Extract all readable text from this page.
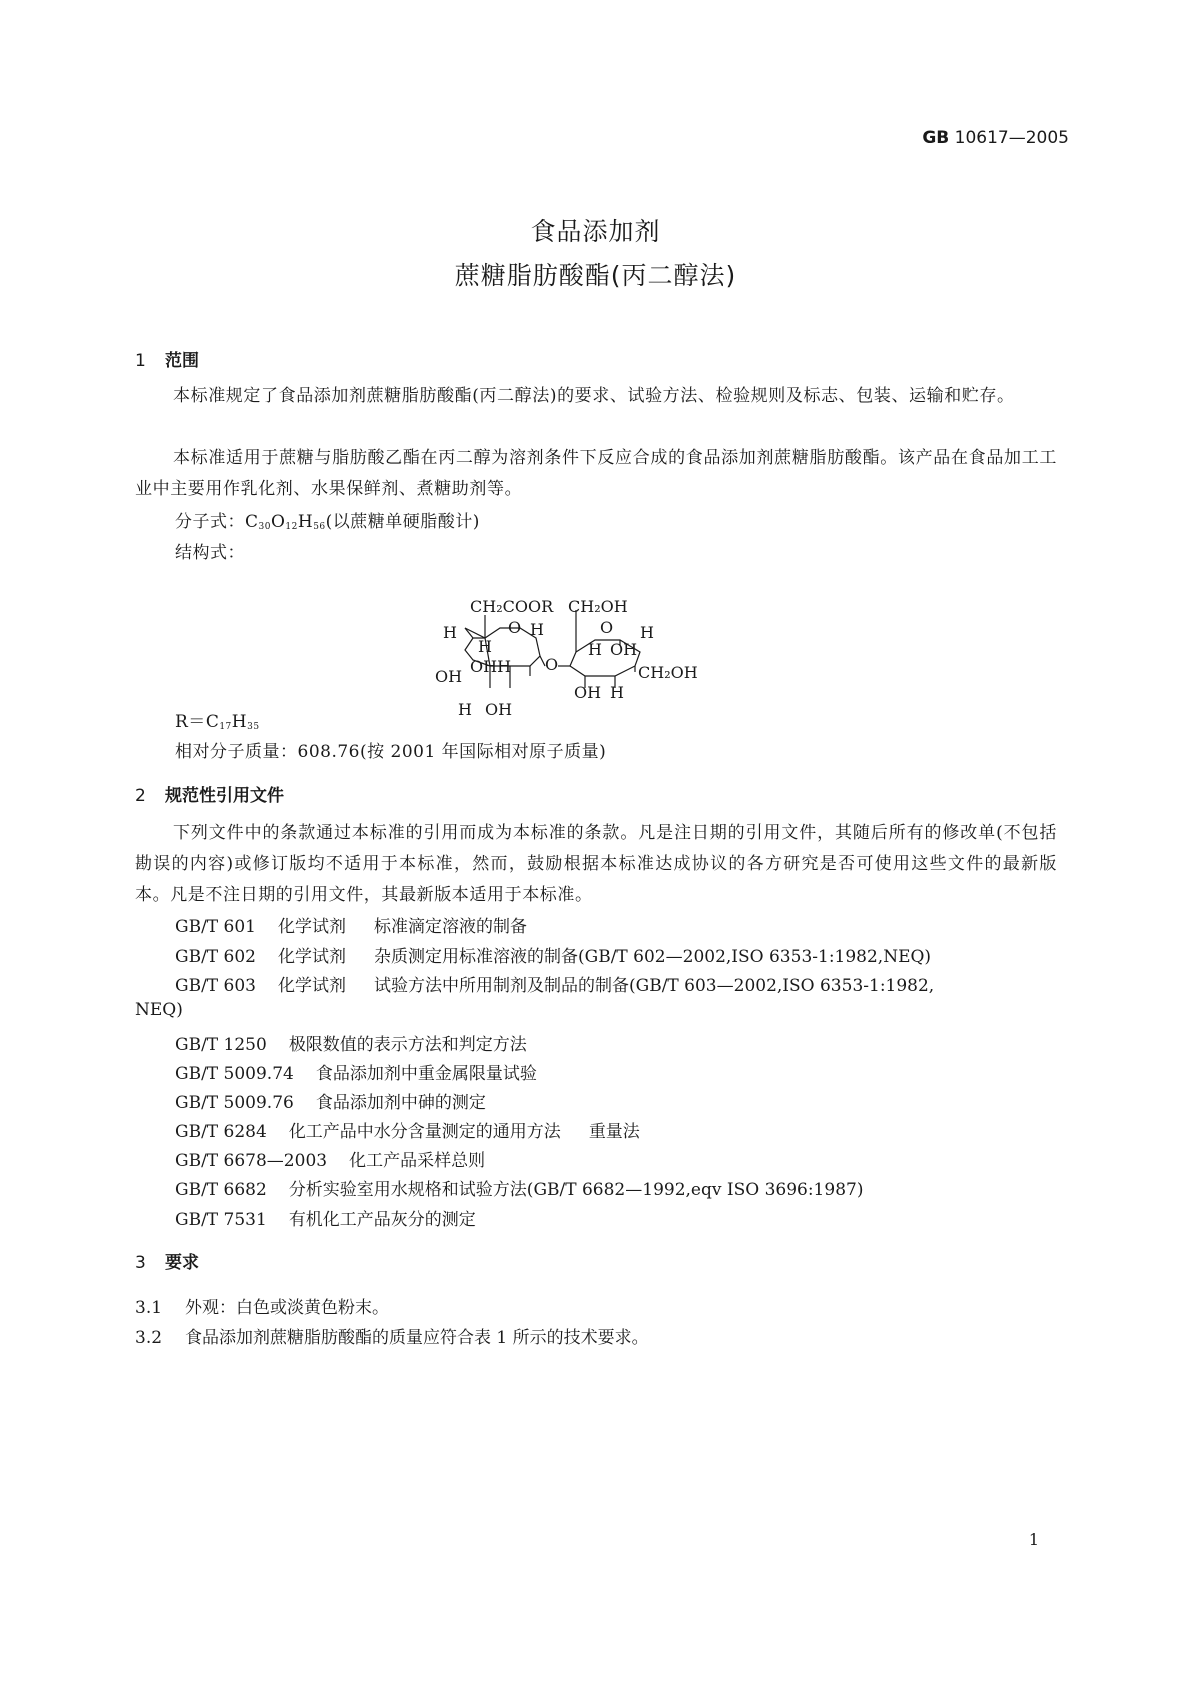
GB 10617—2005
食品添加剂
蔗糖脂肪酸酯(丙二醇法)
1 范围
本标准规定了食品添加剂蔗糖脂肪酸酯(丙二醇法)的要求、试验方法、检验规则及标志、包装、运输和贮存。
本标准适用于蔗糖与脂肪酸乙酯在丙二醇为溶剂条件下反应合成的食品添加剂蔗糖脂肪酸酯。该产品在食品加工工业中主要用作乳化剂、水果保鲜剂、煮糖助剂等。
分子式：$C_{30}O_{12}H_{56}$(以蔗糖单硬脂酸计)
结构式：
CH₂COOR CH₂OH
O	O
H	H	H
H
OHH O
H OH
OH	CH₂OH
OH H
H OH
$R=C_{17}H_{35}$
相对分子质量：608.76(按 2001 年国际相对原子质量)
2 规范性引用文件
下列文件中的条款通过本标准的引用而成为本标准的条款。凡是注日期的引用文件，其随后所有的修改单(不包括勘误的内容)或修订版均不适用于本标准，然而，鼓励根据本标准达成协议的各方研究是否可使用这些文件的最新版本。凡是不注日期的引用文件，其最新版本适用于本标准。
GB/T 601 化学试剂 标准滴定溶液的制备
GB/T 602 化学试剂 杂质测定用标准溶液的制备(GB/T 602—2002,ISO 6353-1:1982,NEQ)
GB/T 603 化学试剂 试验方法中所用制剂及制品的制备(GB/T 603—2002,ISO 6353-1:1982,
NEQ)
GB/T 1250 极限数值的表示方法和判定方法
GB/T 5009.74 食品添加剂中重金属限量试验
GB/T 5009.76 食品添加剂中砷的测定
GB/T 6284 化工产品中水分含量测定的通用方法 重量法
GB/T 6678—2003 化工产品采样总则
GB/T 6682 分析实验室用水规格和试验方法(GB/T 6682—1992,eqv ISO 3696:1987)
GB/T 7531 有机化工产品灰分的测定
3 要求
3.1 外观：白色或淡黄色粉末。
3.2 食品添加剂蔗糖脂肪酸酯的质量应符合表 1 所示的技术要求。
1
